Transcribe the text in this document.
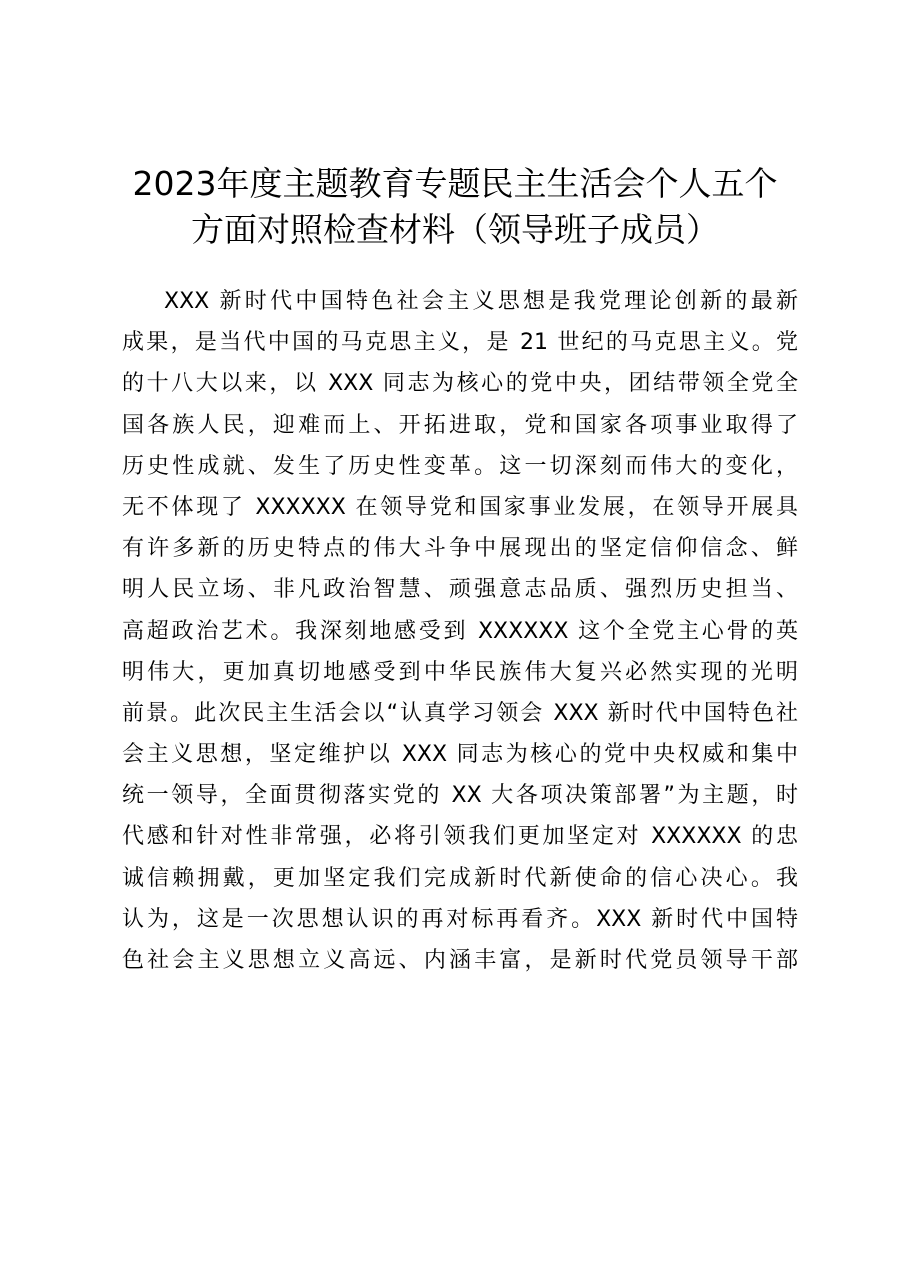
2023年度主题教育专题民主生活会个人五个
方面对照检查材料（领导班子成员）
XXX 新时代中国特色社会主义思想是我党理论创新的最新
成果，是当代中国的马克思主义，是 21 世纪的马克思主义。党
的十八大以来，以 XXX 同志为核心的党中央，团结带领全党全
国各族人民，迎难而上、开拓进取，党和国家各项事业取得了
历史性成就、发生了历史性变革。这一切深刻而伟大的变化，
无不体现了 XXXXXX 在领导党和国家事业发展，在领导开展具
有许多新的历史特点的伟大斗争中展现出的坚定信仰信念、鲜
明人民立场、非凡政治智慧、顽强意志品质、强烈历史担当、
高超政治艺术。我深刻地感受到 XXXXXX 这个全党主心骨的英
明伟大，更加真切地感受到中华民族伟大复兴必然实现的光明
前景。此次民主生活会以“认真学习领会 XXX 新时代中国特色社
会主义思想，坚定维护以 XXX 同志为核心的党中央权威和集中
统一领导，全面贯彻落实党的 XX 大各项决策部署”为主题，时
代感和针对性非常强，必将引领我们更加坚定对 XXXXXX 的忠
诚信赖拥戴，更加坚定我们完成新时代新使命的信心决心。我
认为，这是一次思想认识的再对标再看齐。XXX 新时代中国特
色社会主义思想立义高远、内涵丰富，是新时代党员领导干部
